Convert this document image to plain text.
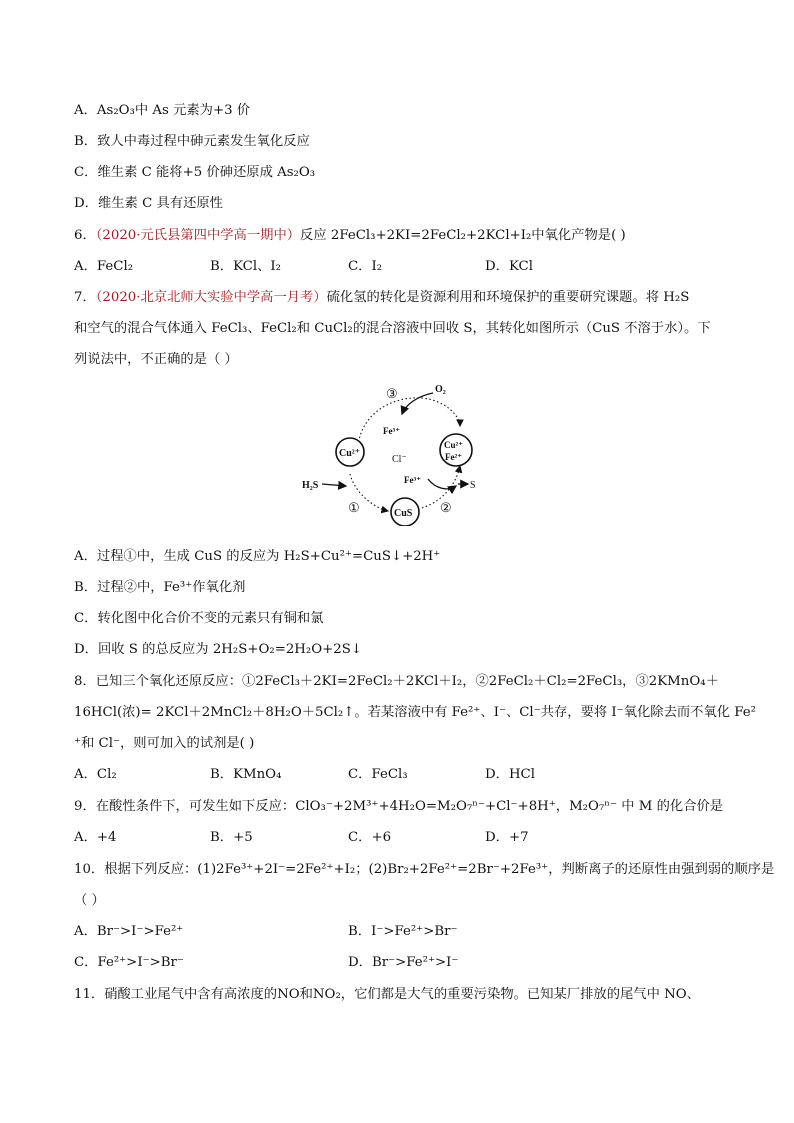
A．As₂O₃中 As 元素为+3 价
B．致人中毒过程中砷元素发生氧化反应
C．维生素 C 能将+5 价砷还原成 As₂O₃
D．维生素 C 具有还原性
6．（2020·元氏县第四中学高一期中）反应 2FeCl₃+2KI=2FeCl₂+2KCl+I₂中氧化产物是( )
A．FeCl₂	B．KCl、I₂	C．I₂	D．KCl
7．（2020·北京北师大实验中学高一月考）硫化氢的转化是资源利用和环境保护的重要研究课题。将 H₂S
和空气的混合气体通入 FeCl₃、FeCl₂和 CuCl₂的混合溶液中回收 S，其转化如图所示（CuS 不溶于水）。下
列说法中，不正确的是（ ）
Cu²⁺
CuS
Cu²⁺
Fe²⁺
Fe³⁺
Fe³⁺
Cl⁻
H₂S	S
O₂
①	②
③
A．过程①中，生成 CuS 的反应为 H₂S+Cu²⁺=CuS↓+2H⁺
B．过程②中，Fe³⁺作氧化剂
C．转化图中化合价不变的元素只有铜和氯
D．回收 S 的总反应为 2H₂S+O₂=2H₂O+2S↓
8．已知三个氧化还原反应：①2FeCl₃＋2KI=2FeCl₂＋2KCl＋I₂，②2FeCl₂＋Cl₂=2FeCl₃，③2KMnO₄＋
16HCl(浓)= 2KCl＋2MnCl₂＋8H₂O＋5Cl₂↑。若某溶液中有 Fe²⁺、I⁻、Cl⁻共存，要将 I⁻氧化除去而不氧化 Fe²
⁺和 Cl⁻，则可加入的试剂是( )
A．Cl₂	B．KMnO₄	C．FeCl₃	D．HCl
9．在酸性条件下，可发生如下反应：ClO₃⁻+2M³⁺+4H₂O=M₂O₇ⁿ⁻+Cl⁻+8H⁺，M₂O₇ⁿ⁻ 中 M 的化合价是
A．+4	B．+5	C．+6	D．+7
10．根据下列反应：(1)2Fe³⁺+2I⁻=2Fe²⁺+I₂；(2)Br₂+2Fe²⁺=2Br⁻+2Fe³⁺，判断离子的还原性由强到弱的顺序是
（ ）
A．Br⁻>I⁻>Fe²⁺	B．I⁻>Fe²⁺>Br⁻
C．Fe²⁺>I⁻>Br⁻	D．Br⁻>Fe²⁺>I⁻
11．硝酸工业尾气中含有高浓度的NO和NO₂，它们都是大气的重要污染物。已知某厂排放的尾气中 NO、
